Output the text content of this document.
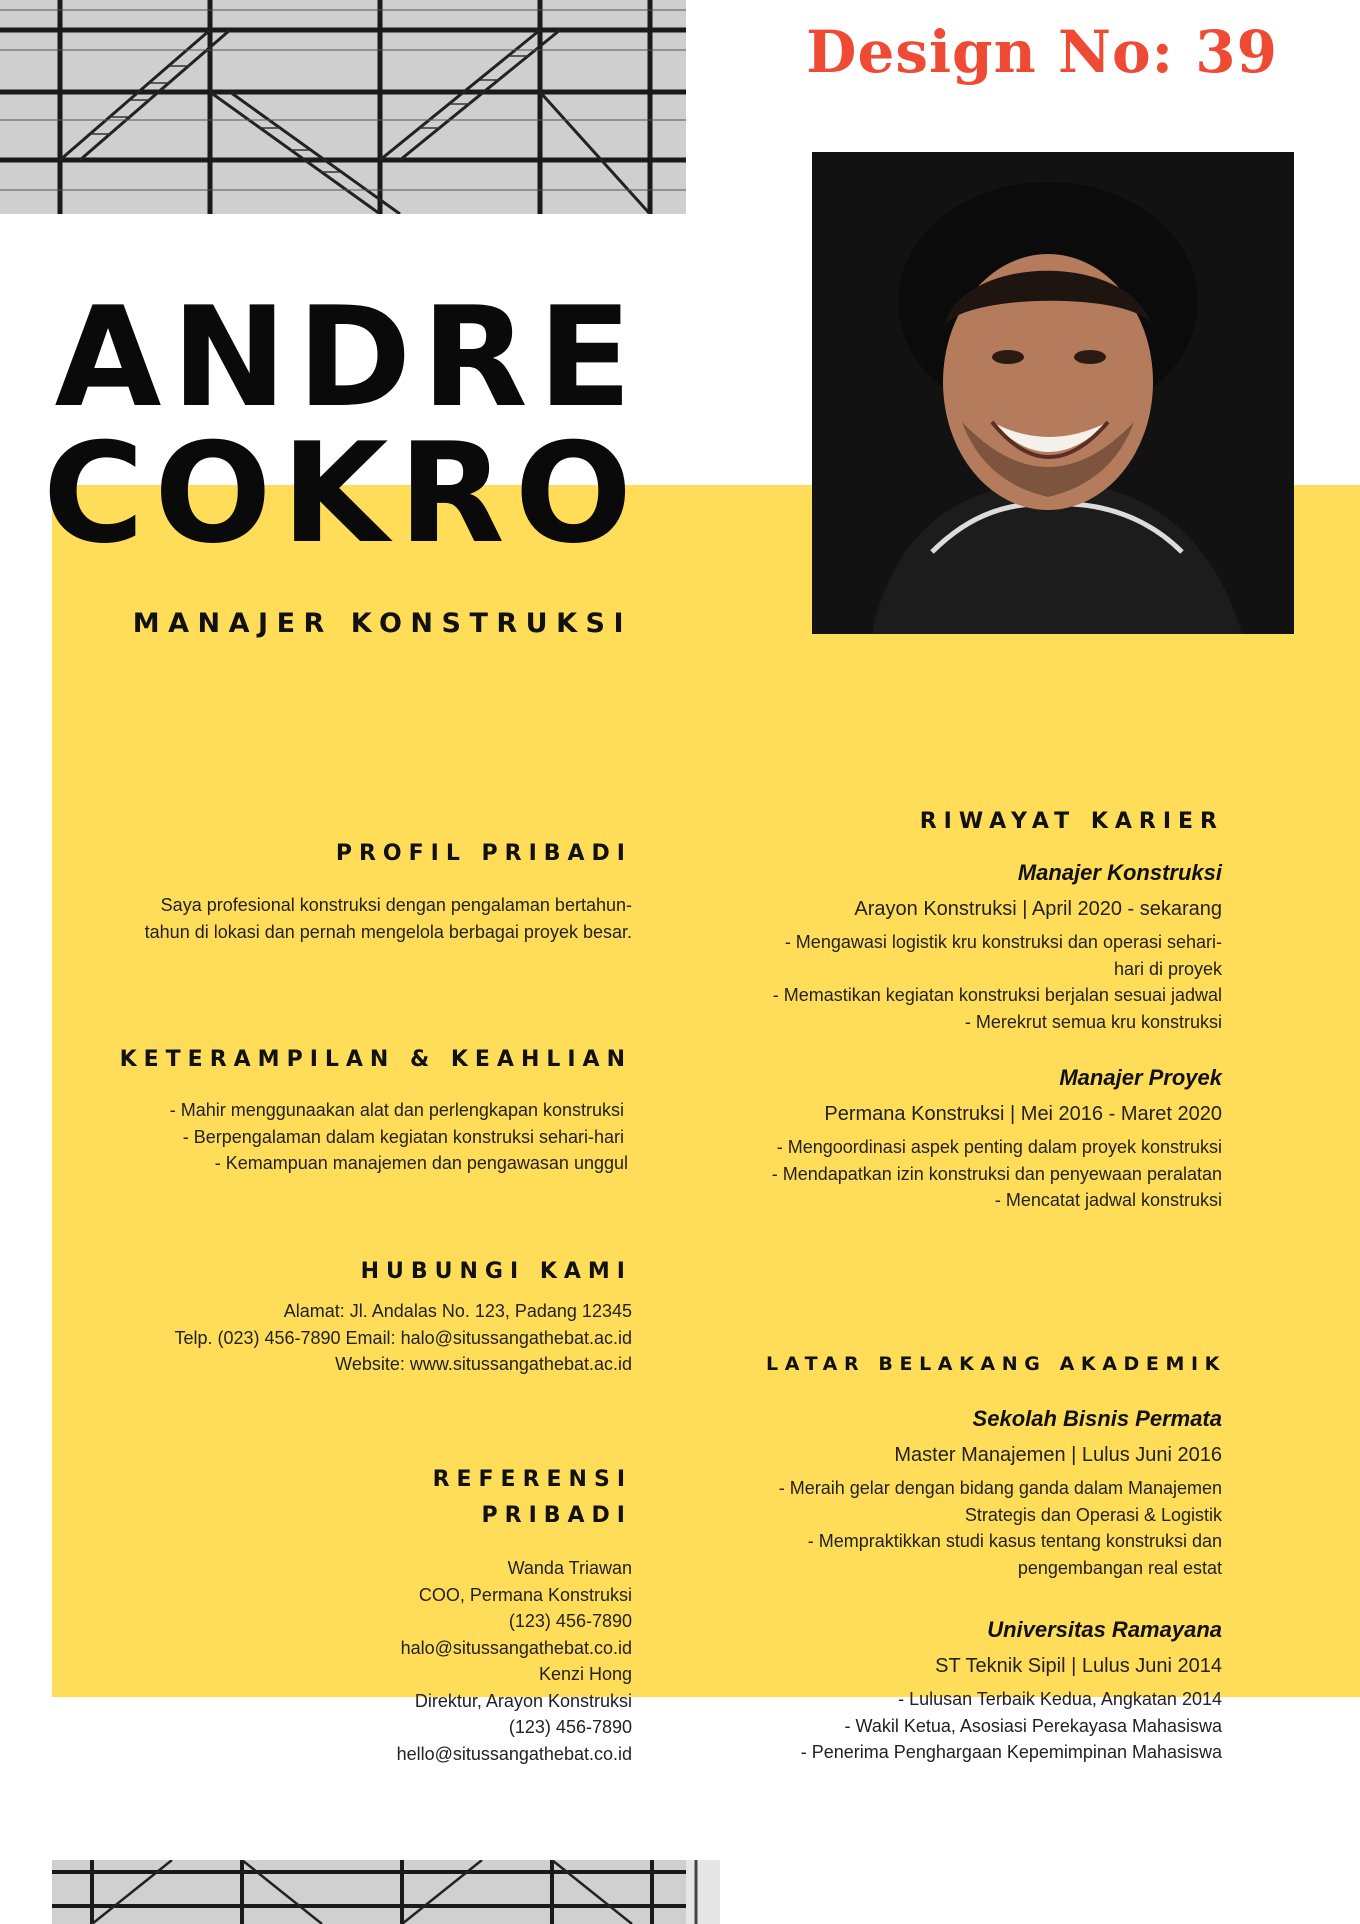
Design No: 39
ANDRE
COKRO
MANAJER KONSTRUKSI
PROFIL PRIBADI
Saya profesional konstruksi dengan pengalaman bertahun-
tahun di lokasi dan pernah mengelola berbagai proyek besar.
KETERAMPILAN & KEAHLIAN
- Mahir menggunaakan alat dan perlengkapan konstruksi
- Berpengalaman dalam kegiatan konstruksi sehari-hari
- Kemampuan manajemen dan pengawasan unggul
HUBUNGI KAMI
Alamat: Jl. Andalas No. 123, Padang 12345
Telp. (023) 456-7890 Email: halo@situssangathebat.ac.id
Website: www.situssangathebat.ac.id
REFERENSI
PRIBADI
Wanda Triawan
COO, Permana Konstruksi
(123) 456-7890
halo@situssangathebat.co.id
Kenzi Hong
Direktur, Arayon Konstruksi
(123) 456-7890
hello@situssangathebat.co.id
RIWAYAT KARIER
Manajer Konstruksi
Arayon Konstruksi | April 2020 - sekarang
- Mengawasi logistik kru konstruksi dan operasi sehari-
hari di proyek
- Memastikan kegiatan konstruksi berjalan sesuai jadwal
- Merekrut semua kru konstruksi
Manajer Proyek
Permana Konstruksi | Mei 2016 - Maret 2020
- Mengoordinasi aspek penting dalam proyek konstruksi
- Mendapatkan izin konstruksi dan penyewaan peralatan
- Mencatat jadwal konstruksi
LATAR BELAKANG AKADEMIK
Sekolah Bisnis Permata
Master Manajemen | Lulus Juni 2016
- Meraih gelar dengan bidang ganda dalam Manajemen
Strategis dan Operasi & Logistik
- Mempraktikkan studi kasus tentang konstruksi dan
pengembangan real estat
Universitas Ramayana
ST Teknik Sipil | Lulus Juni 2014
- Lulusan Terbaik Kedua, Angkatan 2014
- Wakil Ketua, Asosiasi Perekayasa Mahasiswa
- Penerima Penghargaan Kepemimpinan Mahasiswa
